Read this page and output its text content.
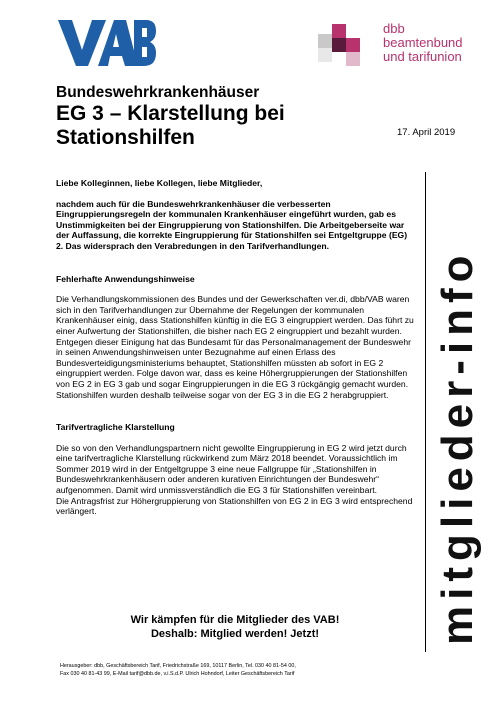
dbb
beamtenbund
und tarifunion
Bundeswehrkrankenhäuser
EG 3 – Klarstellung bei Stationshilfen	17. April 2019

Liebe Kolleginnen, liebe Kollegen, liebe Mitglieder,

nachdem auch für die Bundeswehrkrankenhäuser die verbesserten Eingruppierungsregeln der kommunalen Krankenhäuser eingeführt wurden, gab es Unstimmigkeiten bei der Eingruppierung von Stationshilfen. Die Arbeitgeberseite war der Auffassung, die korrekte Eingruppierung für Stationshilfen sei Entgeltgruppe (EG) 2. Das widersprach den Verabredungen in den Tarifverhandlungen.

Fehlerhafte Anwendungshinweise

Die Verhandlungskommissionen des Bundes und der Gewerkschaften ver.di, dbb/VAB waren sich in den Tarifverhandlungen zur Übernahme der Regelungen der kommunalen Krankenhäuser einig, dass Stationshilfen künftig in die EG 3 eingruppiert werden. Das führt zu einer Aufwertung der Stationshilfen, die bisher nach EG 2 eingruppiert und bezahlt wurden.

Entgegen dieser Einigung hat das Bundesamt für das Personalmanagement der Bundeswehr in seinen Anwendungshinweisen unter Bezugnahme auf einen Erlass des Bundesverteidigungsministeriums behauptet, Stationshilfen müssten ab sofort in EG 2 eingruppiert werden. Folge davon war, dass es keine Höhergruppierungen der Stationshilfen von EG 2 in EG 3 gab und sogar Eingruppierungen in die EG 3 rückgängig gemacht wurden. Stationshilfen wurden deshalb teilweise sogar von der EG 3 in die EG 2 herabgruppiert.

Tarifvertragliche Klarstellung

Die so von den Verhandlungspartnern nicht gewollte Eingruppierung in EG 2 wird jetzt durch eine tarifvertragliche Klarstellung rückwirkend zum März 2018 beendet. Voraussichtlich im Sommer 2019 wird in der Entgeltgruppe 3 eine neue Fallgruppe für „Stationshilfen in Bundeswehrkrankenhäusern oder anderen kurativen Einrichtungen der Bundeswehr“ aufgenommen. Damit wird unmissverständlich die EG 3 für Stationshilfen vereinbart.

Die Antragsfrist zur Höhergruppierung von Stationshilfen von EG 2 in EG 3 wird entsprechend verlängert.

Wir kämpfen für die Mitglieder des VAB!
Deshalb: Mitglied werden! Jetzt!
Herausgeber: dbb, Geschäftsbereich Tarif, Friedrichstraße 169, 10117 Berlin, Tel. 030 40 81-54 00,
Fax 030 40 81-43 99, E-Mail tarif@dbb.de, v.i.S.d.P. Ulrich Hohndorf, Leiter Geschäftsbereich Tarif
mitglieder-info
